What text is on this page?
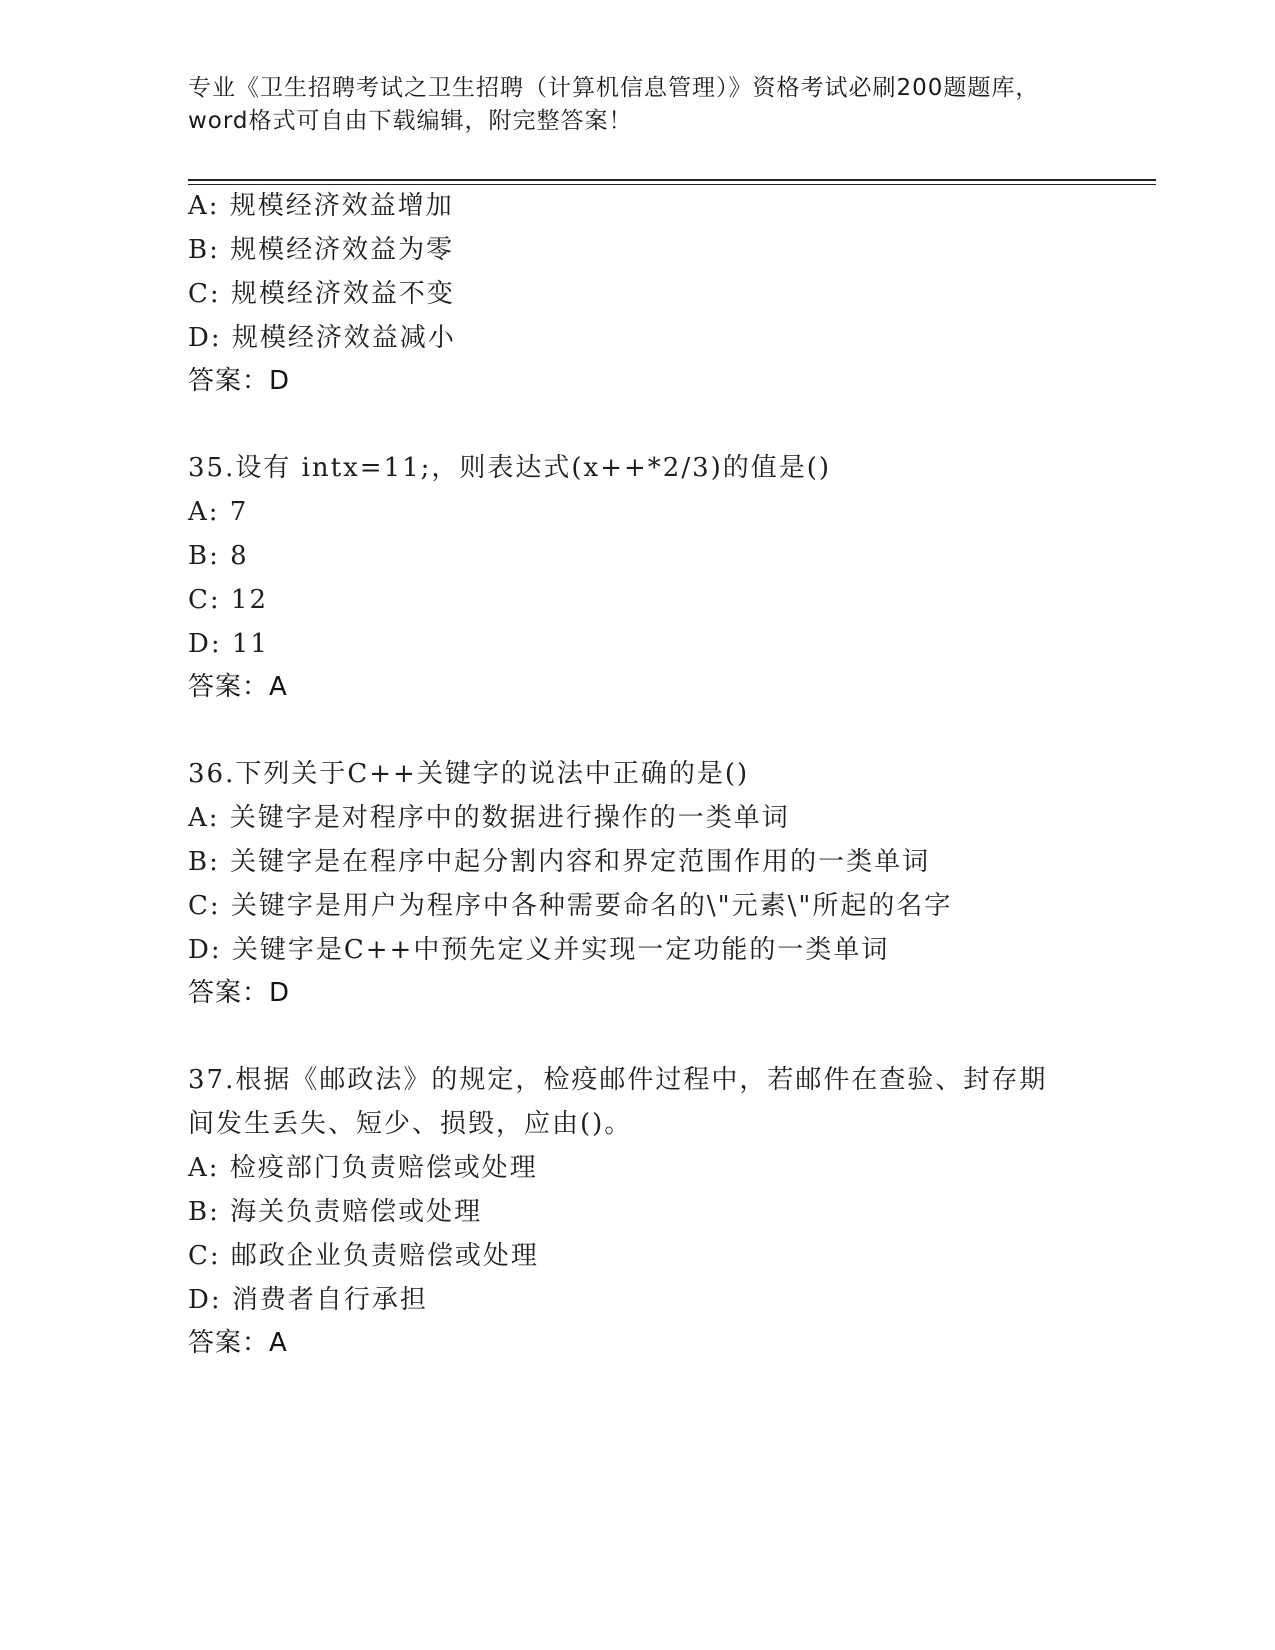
专业《卫生招聘考试之卫生招聘（计算机信息管理）》资格考试必刷200题题库，
word格式可自由下载编辑，附完整答案！
A: 规模经济效益增加
B: 规模经济效益为零
C: 规模经济效益不变
D: 规模经济效益减小
答案：D
35.设有 intx=11;，则表达式(x++*2/3)的值是()
A: 7
B: 8
C: 12
D: 11
答案：A
36.下列关于C++关键字的说法中正确的是()
A: 关键字是对程序中的数据进行操作的一类单词
B: 关键字是在程序中起分割内容和界定范围作用的一类单词
C: 关键字是用户为程序中各种需要命名的\"元素\"所起的名字
D: 关键字是C++中预先定义并实现一定功能的一类单词
答案：D
37.根据《邮政法》的规定，检疫邮件过程中，若邮件在查验、封存期
间发生丢失、短少、损毁，应由()。
A: 检疫部门负责赔偿或处理
B: 海关负责赔偿或处理
C: 邮政企业负责赔偿或处理
D: 消费者自行承担
答案：A
